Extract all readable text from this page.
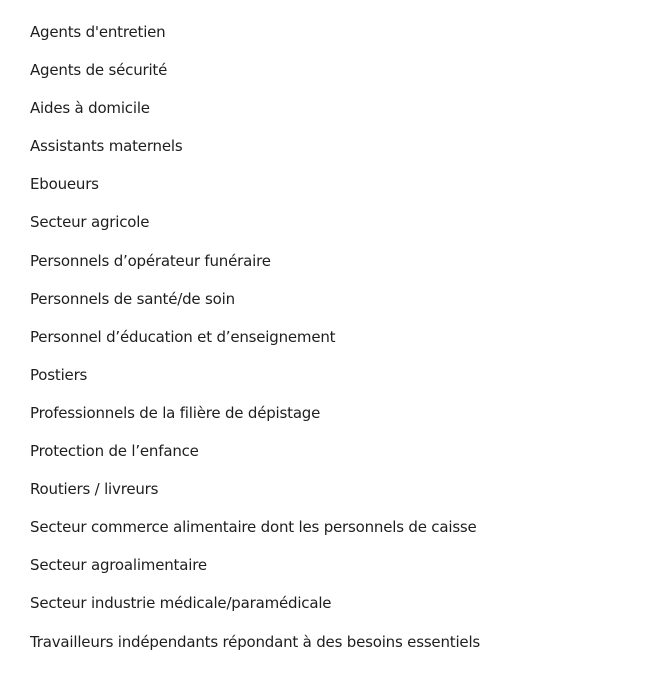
Agents d'entretien
Agents de sécurité
Aides à domicile
Assistants maternels
Eboueurs
Secteur agricole
Personnels d’opérateur funéraire
Personnels de santé/de soin
Personnel d’éducation et d’enseignement
Postiers
Professionnels de la filière de dépistage
Protection de l’enfance
Routiers / livreurs
Secteur commerce alimentaire dont les personnels de caisse
Secteur agroalimentaire
Secteur industrie médicale/paramédicale
Travailleurs indépendants répondant à des besoins essentiels
